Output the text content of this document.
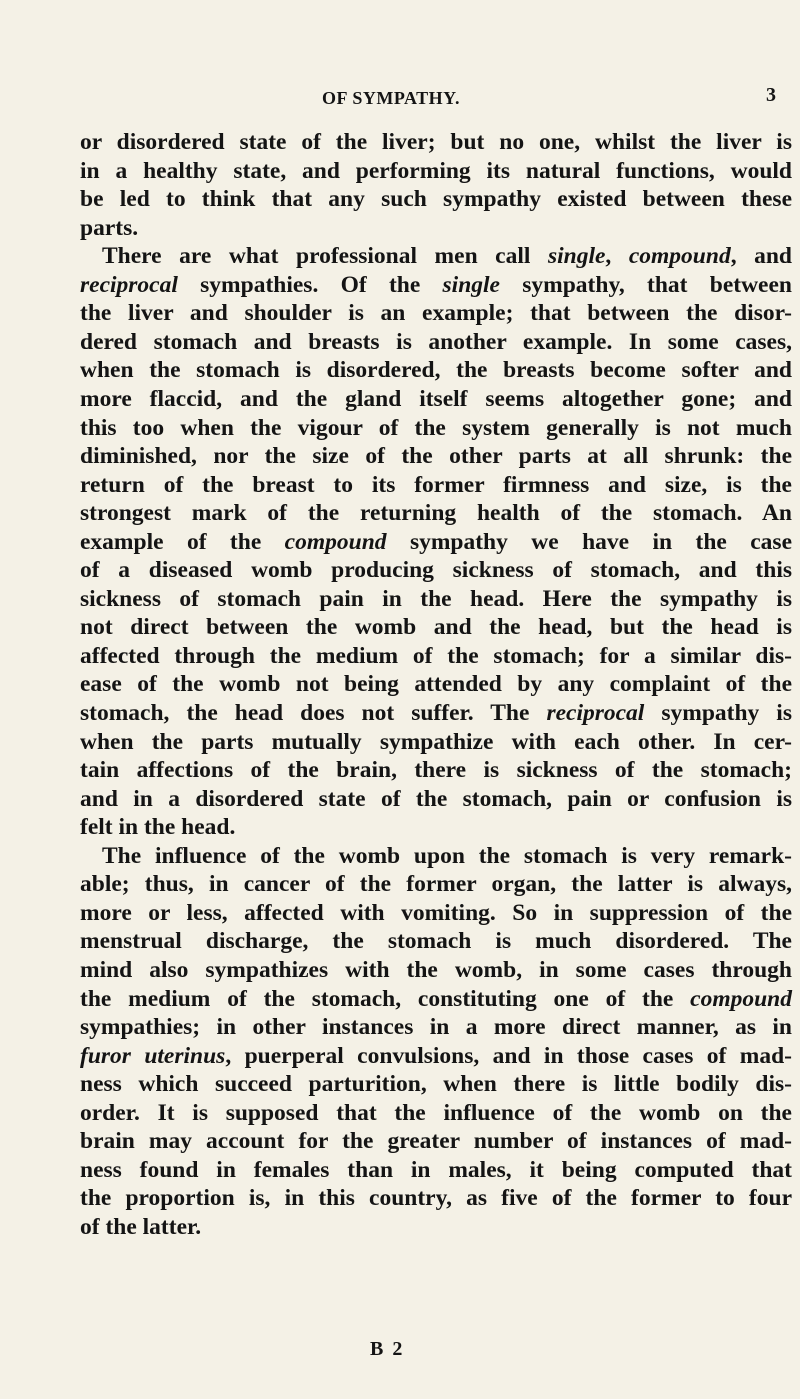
OF SYMPATHY.	3
or disordered state of the liver; but no one, whilst the liver is
in a healthy state, and performing its natural functions, would
be led to think that any such sympathy existed between these
parts.
There are what professional men call single, compound, and
reciprocal sympathies. Of the single sympathy, that between
the liver and shoulder is an example; that between the disor-
dered stomach and breasts is another example. In some cases,
when the stomach is disordered, the breasts become softer and
more flaccid, and the gland itself seems altogether gone; and
this too when the vigour of the system generally is not much
diminished, nor the size of the other parts at all shrunk: the
return of the breast to its former firmness and size, is the
strongest mark of the returning health of the stomach. An
example of the compound sympathy we have in the case
of a diseased womb producing sickness of stomach, and this
sickness of stomach pain in the head. Here the sympathy is
not direct between the womb and the head, but the head is
affected through the medium of the stomach; for a similar dis-
ease of the womb not being attended by any complaint of the
stomach, the head does not suffer. The reciprocal sympathy is
when the parts mutually sympathize with each other. In cer-
tain affections of the brain, there is sickness of the stomach;
and in a disordered state of the stomach, pain or confusion is
felt in the head.
The influence of the womb upon the stomach is very remark-
able; thus, in cancer of the former organ, the latter is always,
more or less, affected with vomiting. So in suppression of the
menstrual discharge, the stomach is much disordered. The
mind also sympathizes with the womb, in some cases through
the medium of the stomach, constituting one of the compound
sympathies; in other instances in a more direct manner, as in
furor uterinus, puerperal convulsions, and in those cases of mad-
ness which succeed parturition, when there is little bodily dis-
order. It is supposed that the influence of the womb on the
brain may account for the greater number of instances of mad-
ness found in females than in males, it being computed that
the proportion is, in this country, as five of the former to four
of the latter.
B 2
